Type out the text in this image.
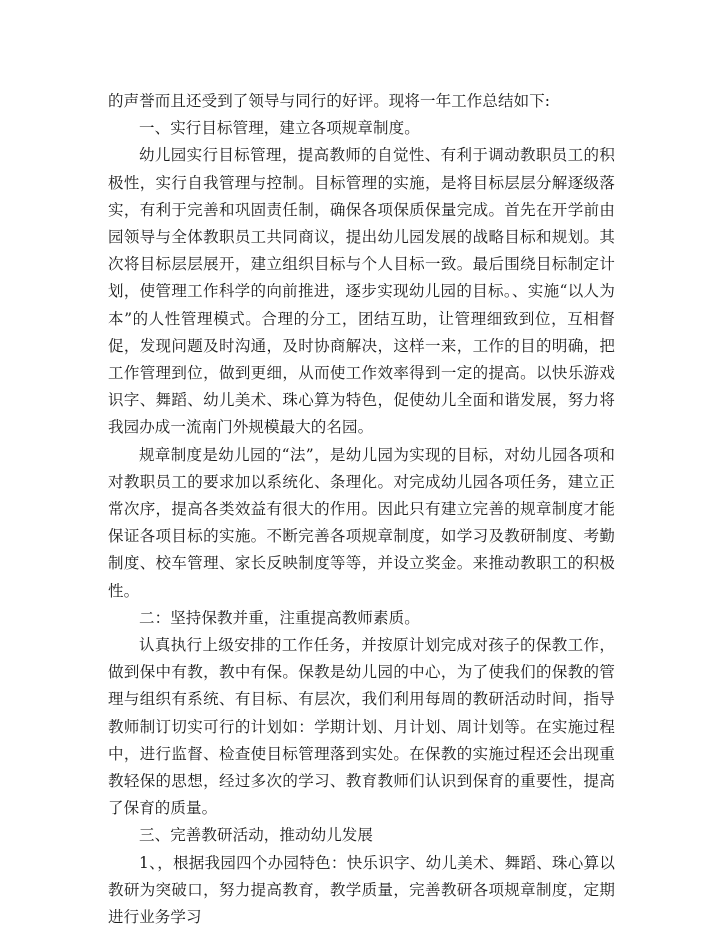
的声誉而且还受到了领导与同行的好评。现将一年工作总结如下:

一、实行目标管理，建立各项规章制度。

幼儿园实行目标管理，提高教师的自觉性、有利于调动教职员工的积极性，实行自我管理与控制。目标管理的实施，是将目标层层分解逐级落实，有利于完善和巩固责任制，确保各项保质保量完成。首先在开学前由园领导与全体教职员工共同商议，提出幼儿园发展的战略目标和规划。其次将目标层层展开，建立组织目标与个人目标一致。最后围绕目标制定计划，使管理工作科学的向前推进，逐步实现幼儿园的目标。、实施“以人为本”的人性管理模式。合理的分工，团结互助，让管理细致到位，互相督促，发现问题及时沟通，及时协商解决，这样一来，工作的目的明确，把工作管理到位，做到更细，从而使工作效率得到一定的提高。以快乐游戏识字、舞蹈、幼儿美术、珠心算为特色，促使幼儿全面和谐发展，努力将我园办成一流南门外规模最大的名园。

规章制度是幼儿园的“法”，是幼儿园为实现的目标，对幼儿园各项和对教职员工的要求加以系统化、条理化。对完成幼儿园各项任务，建立正常次序，提高各类效益有很大的作用。因此只有建立完善的规章制度才能保证各项目标的实施。不断完善各项规章制度，如学习及教研制度、考勤制度、校车管理、家长反映制度等等，并设立奖金。来推动教职工的积极性。

二：坚持保教并重，注重提高教师素质。

认真执行上级安排的工作任务，并按原计划完成对孩子的保教工作，做到保中有教，教中有保。保教是幼儿园的中心，为了使我们的保教的管理与组织有系统、有目标、有层次，我们利用每周的教研活动时间，指导教师制订切实可行的计划如：学期计划、月计划、周计划等。在实施过程中，进行监督、检查使目标管理落到实处。在保教的实施过程还会出现重教轻保的思想，经过多次的学习、教育教师们认识到保育的重要性，提高了保育的质量。

三、完善教研活动，推动幼儿发展

1、，根据我园四个办园特色：快乐识字、幼儿美术、舞蹈、珠心算以教研为突破口，努力提高教育，教学质量，完善教研各项规章制度，定期进行业务学习
